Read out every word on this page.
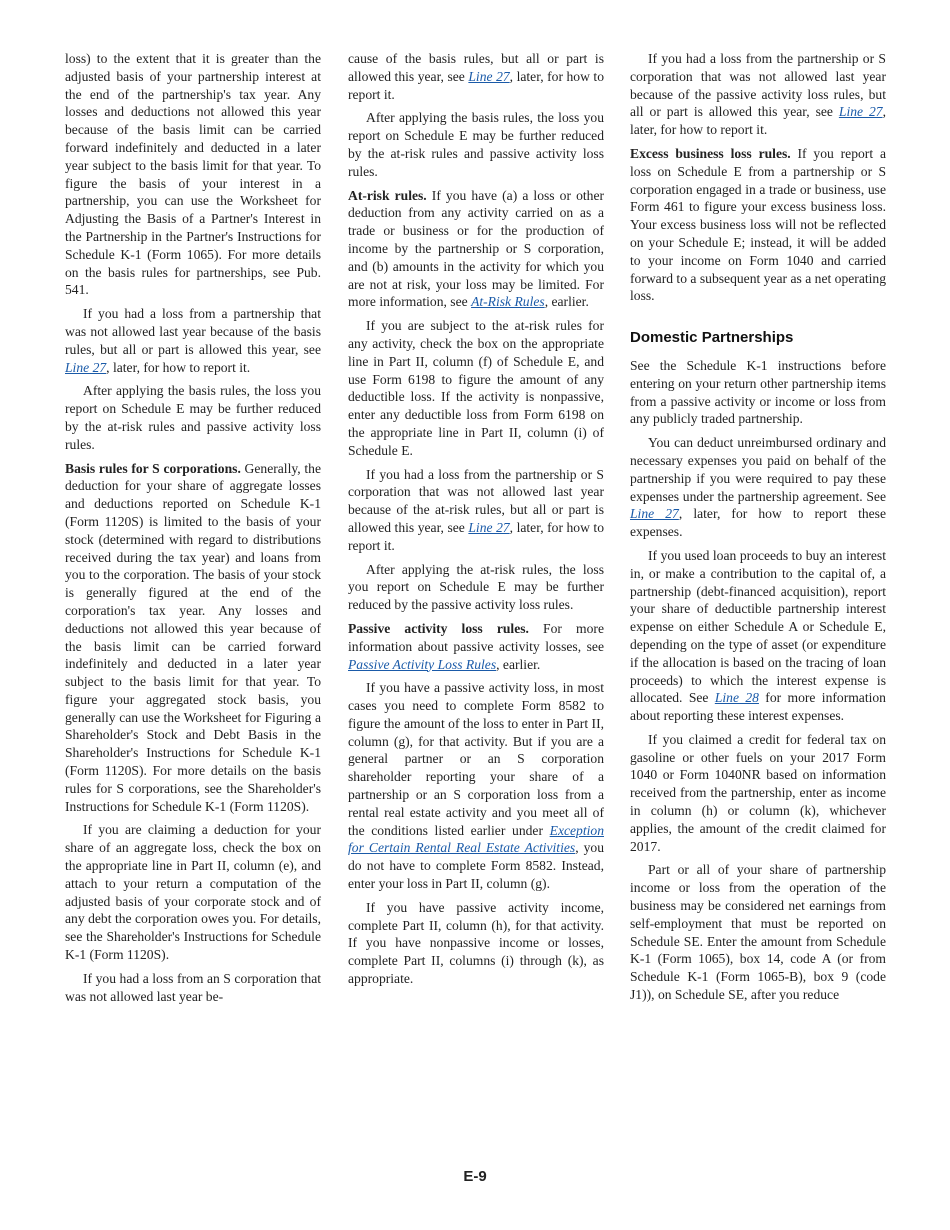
loss) to the extent that it is greater than the adjusted basis of your partnership interest at the end of the partnership's tax year. Any losses and deductions not allowed this year because of the basis limit can be carried forward indefinitely and deducted in a later year subject to the basis limit for that year. To figure the basis of your interest in a partnership, you can use the Worksheet for Adjusting the Basis of a Partner's Interest in the Partnership in the Partner's Instructions for Schedule K-1 (Form 1065). For more details on the basis rules for partnerships, see Pub. 541.

If you had a loss from a partnership that was not allowed last year because of the basis rules, but all or part is allowed this year, see Line 27, later, for how to report it.

After applying the basis rules, the loss you report on Schedule E may be further reduced by the at-risk rules and passive activity loss rules.

Basis rules for S corporations. Generally, the deduction for your share of aggregate losses and deductions reported on Schedule K-1 (Form 1120S) is limited to the basis of your stock (determined with regard to distributions received during the tax year) and loans from you to the corporation. The basis of your stock is generally figured at the end of the corporation's tax year. Any losses and deductions not allowed this year because of the basis limit can be carried forward indefinitely and deducted in a later year subject to the basis limit for that year. To figure your aggregated stock basis, you generally can use the Worksheet for Figuring a Shareholder's Stock and Debt Basis in the Shareholder's Instructions for Schedule K-1 (Form 1120S). For more details on the basis rules for S corporations, see the Shareholder's Instructions for Schedule K-1 (Form 1120S).

If you are claiming a deduction for your share of an aggregate loss, check the box on the appropriate line in Part II, column (e), and attach to your return a computation of the adjusted basis of your corporate stock and of any debt the corporation owes you. For details, see the Shareholder's Instructions for Schedule K-1 (Form 1120S).

If you had a loss from an S corporation that was not allowed last year be-

cause of the basis rules, but all or part is allowed this year, see Line 27, later, for how to report it.

After applying the basis rules, the loss you report on Schedule E may be further reduced by the at-risk rules and passive activity loss rules.

At-risk rules. If you have (a) a loss or other deduction from any activity carried on as a trade or business or for the production of income by the partnership or S corporation, and (b) amounts in the activity for which you are not at risk, your loss may be limited. For more information, see At-Risk Rules, earlier.

If you are subject to the at-risk rules for any activity, check the box on the appropriate line in Part II, column (f) of Schedule E, and use Form 6198 to figure the amount of any deductible loss. If the activity is nonpassive, enter any deductible loss from Form 6198 on the appropriate line in Part II, column (i) of Schedule E.

If you had a loss from the partnership or S corporation that was not allowed last year because of the at-risk rules, but all or part is allowed this year, see Line 27, later, for how to report it.

After applying the at-risk rules, the loss you report on Schedule E may be further reduced by the passive activity loss rules.

Passive activity loss rules. For more information about passive activity losses, see Passive Activity Loss Rules, earlier.

If you have a passive activity loss, in most cases you need to complete Form 8582 to figure the amount of the loss to enter in Part II, column (g), for that activity. But if you are a general partner or an S corporation shareholder reporting your share of a partnership or an S corporation loss from a rental real estate activity and you meet all of the conditions listed earlier under Exception for Certain Rental Real Estate Activities, you do not have to complete Form 8582. Instead, enter your loss in Part II, column (g).

If you have passive activity income, complete Part II, column (h), for that activity. If you have nonpassive income or losses, complete Part II, columns (i) through (k), as appropriate.

If you had a loss from the partnership or S corporation that was not allowed last year because of the passive activity loss rules, but all or part is allowed this year, see Line 27, later, for how to report it.

Excess business loss rules. If you report a loss on Schedule E from a partnership or S corporation engaged in a trade or business, use Form 461 to figure your excess business loss. Your excess business loss will not be reflected on your Schedule E; instead, it will be added to your income on Form 1040 and carried forward to a subsequent year as a net operating loss.

Domestic Partnerships

See the Schedule K-1 instructions before entering on your return other partnership items from a passive activity or income or loss from any publicly traded partnership.

You can deduct unreimbursed ordinary and necessary expenses you paid on behalf of the partnership if you were required to pay these expenses under the partnership agreement. See Line 27, later, for how to report these expenses.

If you used loan proceeds to buy an interest in, or make a contribution to the capital of, a partnership (debt-financed acquisition), report your share of deductible partnership interest expense on either Schedule A or Schedule E, depending on the type of asset (or expenditure if the allocation is based on the tracing of loan proceeds) to which the interest expense is allocated. See Line 28 for more information about reporting these interest expenses.

If you claimed a credit for federal tax on gasoline or other fuels on your 2017 Form 1040 or Form 1040NR based on information received from the partnership, enter as income in column (h) or column (k), whichever applies, the amount of the credit claimed for 2017.

Part or all of your share of partnership income or loss from the operation of the business may be considered net earnings from self-employment that must be reported on Schedule SE. Enter the amount from Schedule K-1 (Form 1065), box 14, code A (or from Schedule K-1 (Form 1065-B), box 9 (code J1)), on Schedule SE, after you reduce

E-9
